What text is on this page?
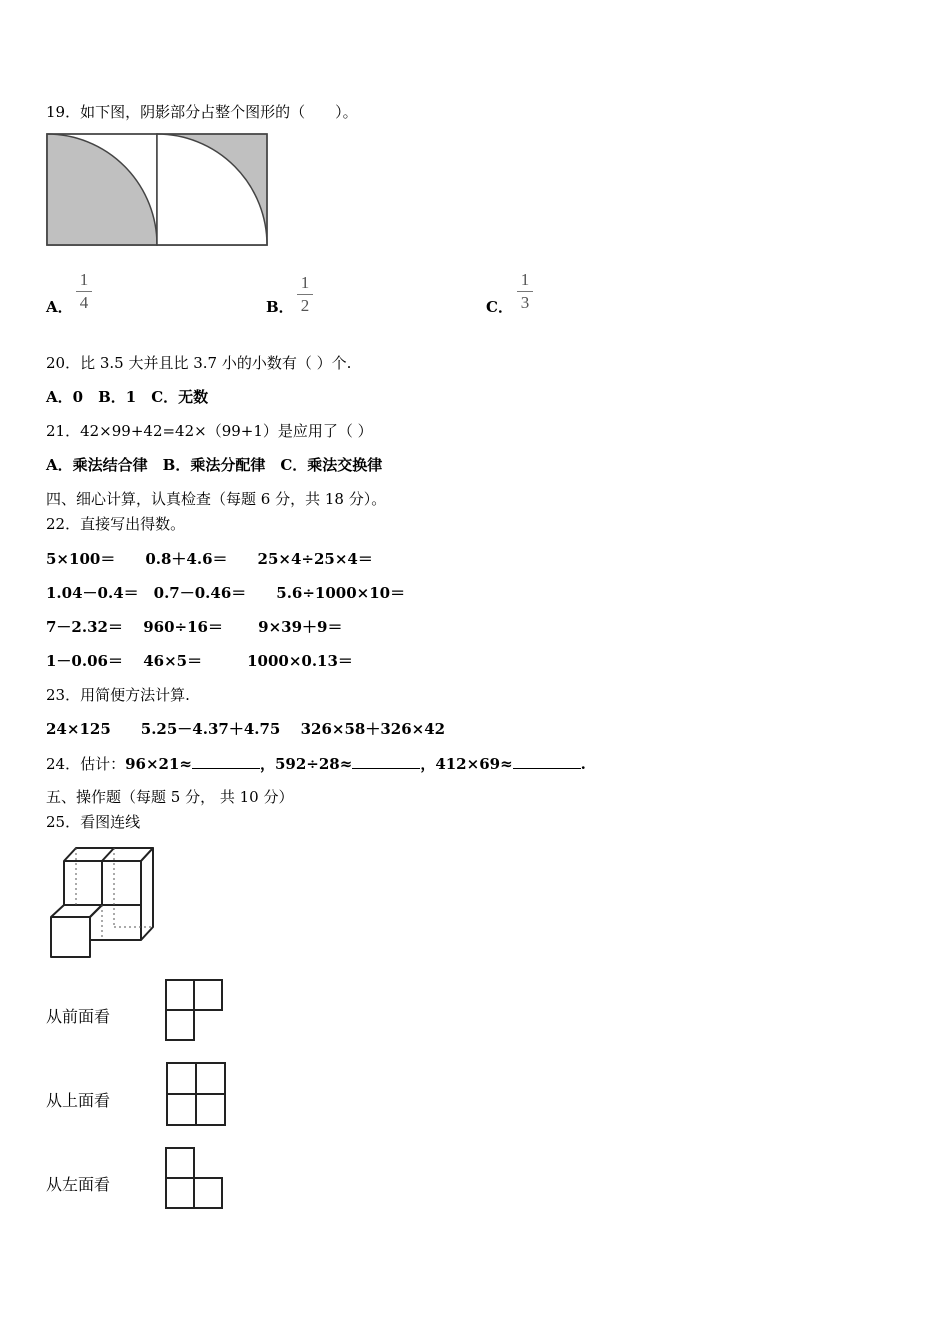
19．如下图，阴影部分占整个图形的（　　）。
A．
1
4	B．
1
2	C．
1
3
20．比 3.5 大并且比 3.7 小的小数有（ ）个.
A．0　B．1　C．无数
21．42×99+42=42×（99+1）是应用了（ ）
A．乘法结合律　B．乘法分配律　C．乘法交换律
四、细心计算，认真检查（每题 6 分，共 18 分）。
22．直接写出得数。
5×100＝　　0.8＋4.6＝　　25×4÷25×4＝
1.04－0.4＝　0.7－0.46＝　　5.6÷1000×10＝
7－2.32＝　 960÷16＝　　 9×39＋9＝
1－0.06＝　 46×5＝　　　1000×0.13＝
23．用简便方法计算.
24×125　　5.25－4.37＋4.75　 326×58＋326×42
24．估计：96×21≈	，592÷28≈	，412×69≈	.
五、操作题（每题 5 分， 共 10 分）
25．看图连线
从前面看
从上面看
从左面看
